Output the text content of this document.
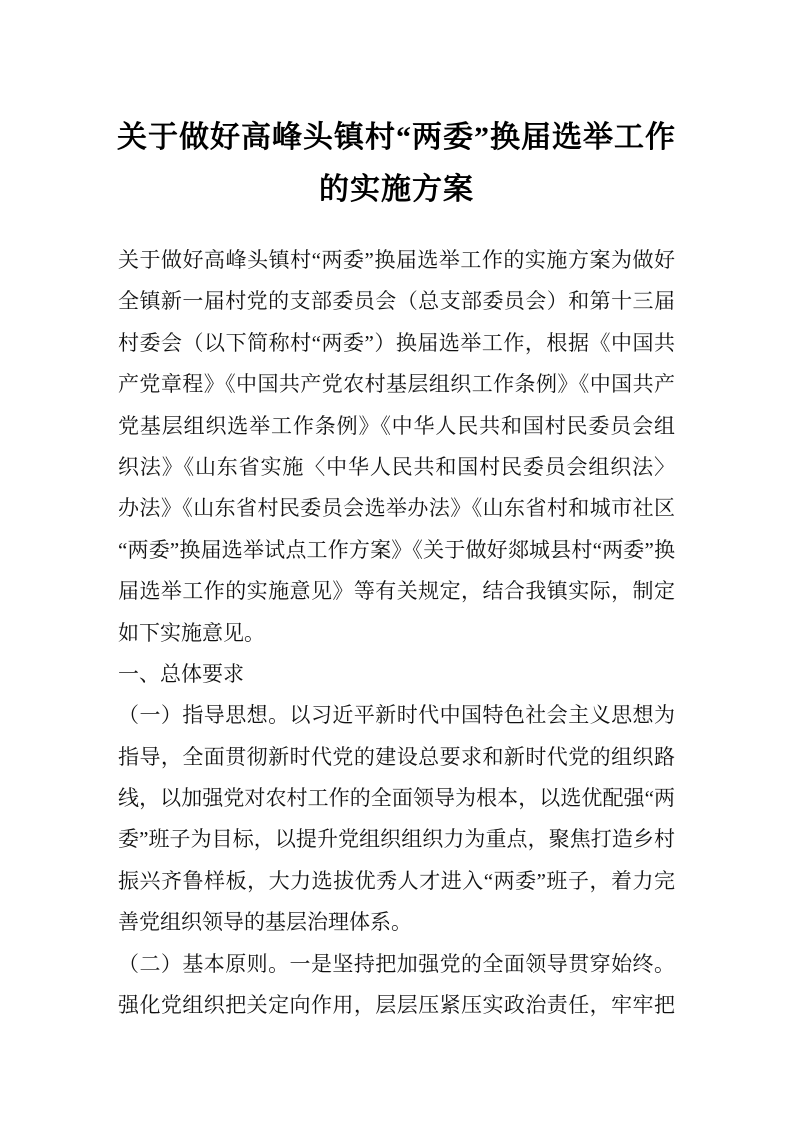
关于做好高峰头镇村“两委”换届选举工作
的实施方案
关于做好高峰头镇村“两委”换届选举工作的实施方案为做好
全镇新一届村党的支部委员会（总支部委员会）和第十三届
村委会（以下简称村“两委”）换届选举工作，根据《中国共
产党章程》《中国共产党农村基层组织工作条例》《中国共产
党基层组织选举工作条例》《中华人民共和国村民委员会组
织法》《山东省实施〈中华人民共和国村民委员会组织法〉
办法》《山东省村民委员会选举办法》《山东省村和城市社区
“两委”换届选举试点工作方案》《关于做好郯城县村“两委”换
届选举工作的实施意见》等有关规定，结合我镇实际，制定
如下实施意见。
一、总体要求
（一）指导思想。以习近平新时代中国特色社会主义思想为
指导，全面贯彻新时代党的建设总要求和新时代党的组织路
线，以加强党对农村工作的全面领导为根本，以选优配强“两
委”班子为目标，以提升党组织组织力为重点，聚焦打造乡村
振兴齐鲁样板，大力选拔优秀人才进入“两委”班子，着力完
善党组织领导的基层治理体系。
（二）基本原则。一是坚持把加强党的全面领导贯穿始终。
强化党组织把关定向作用，层层压紧压实政治责任，牢牢把
